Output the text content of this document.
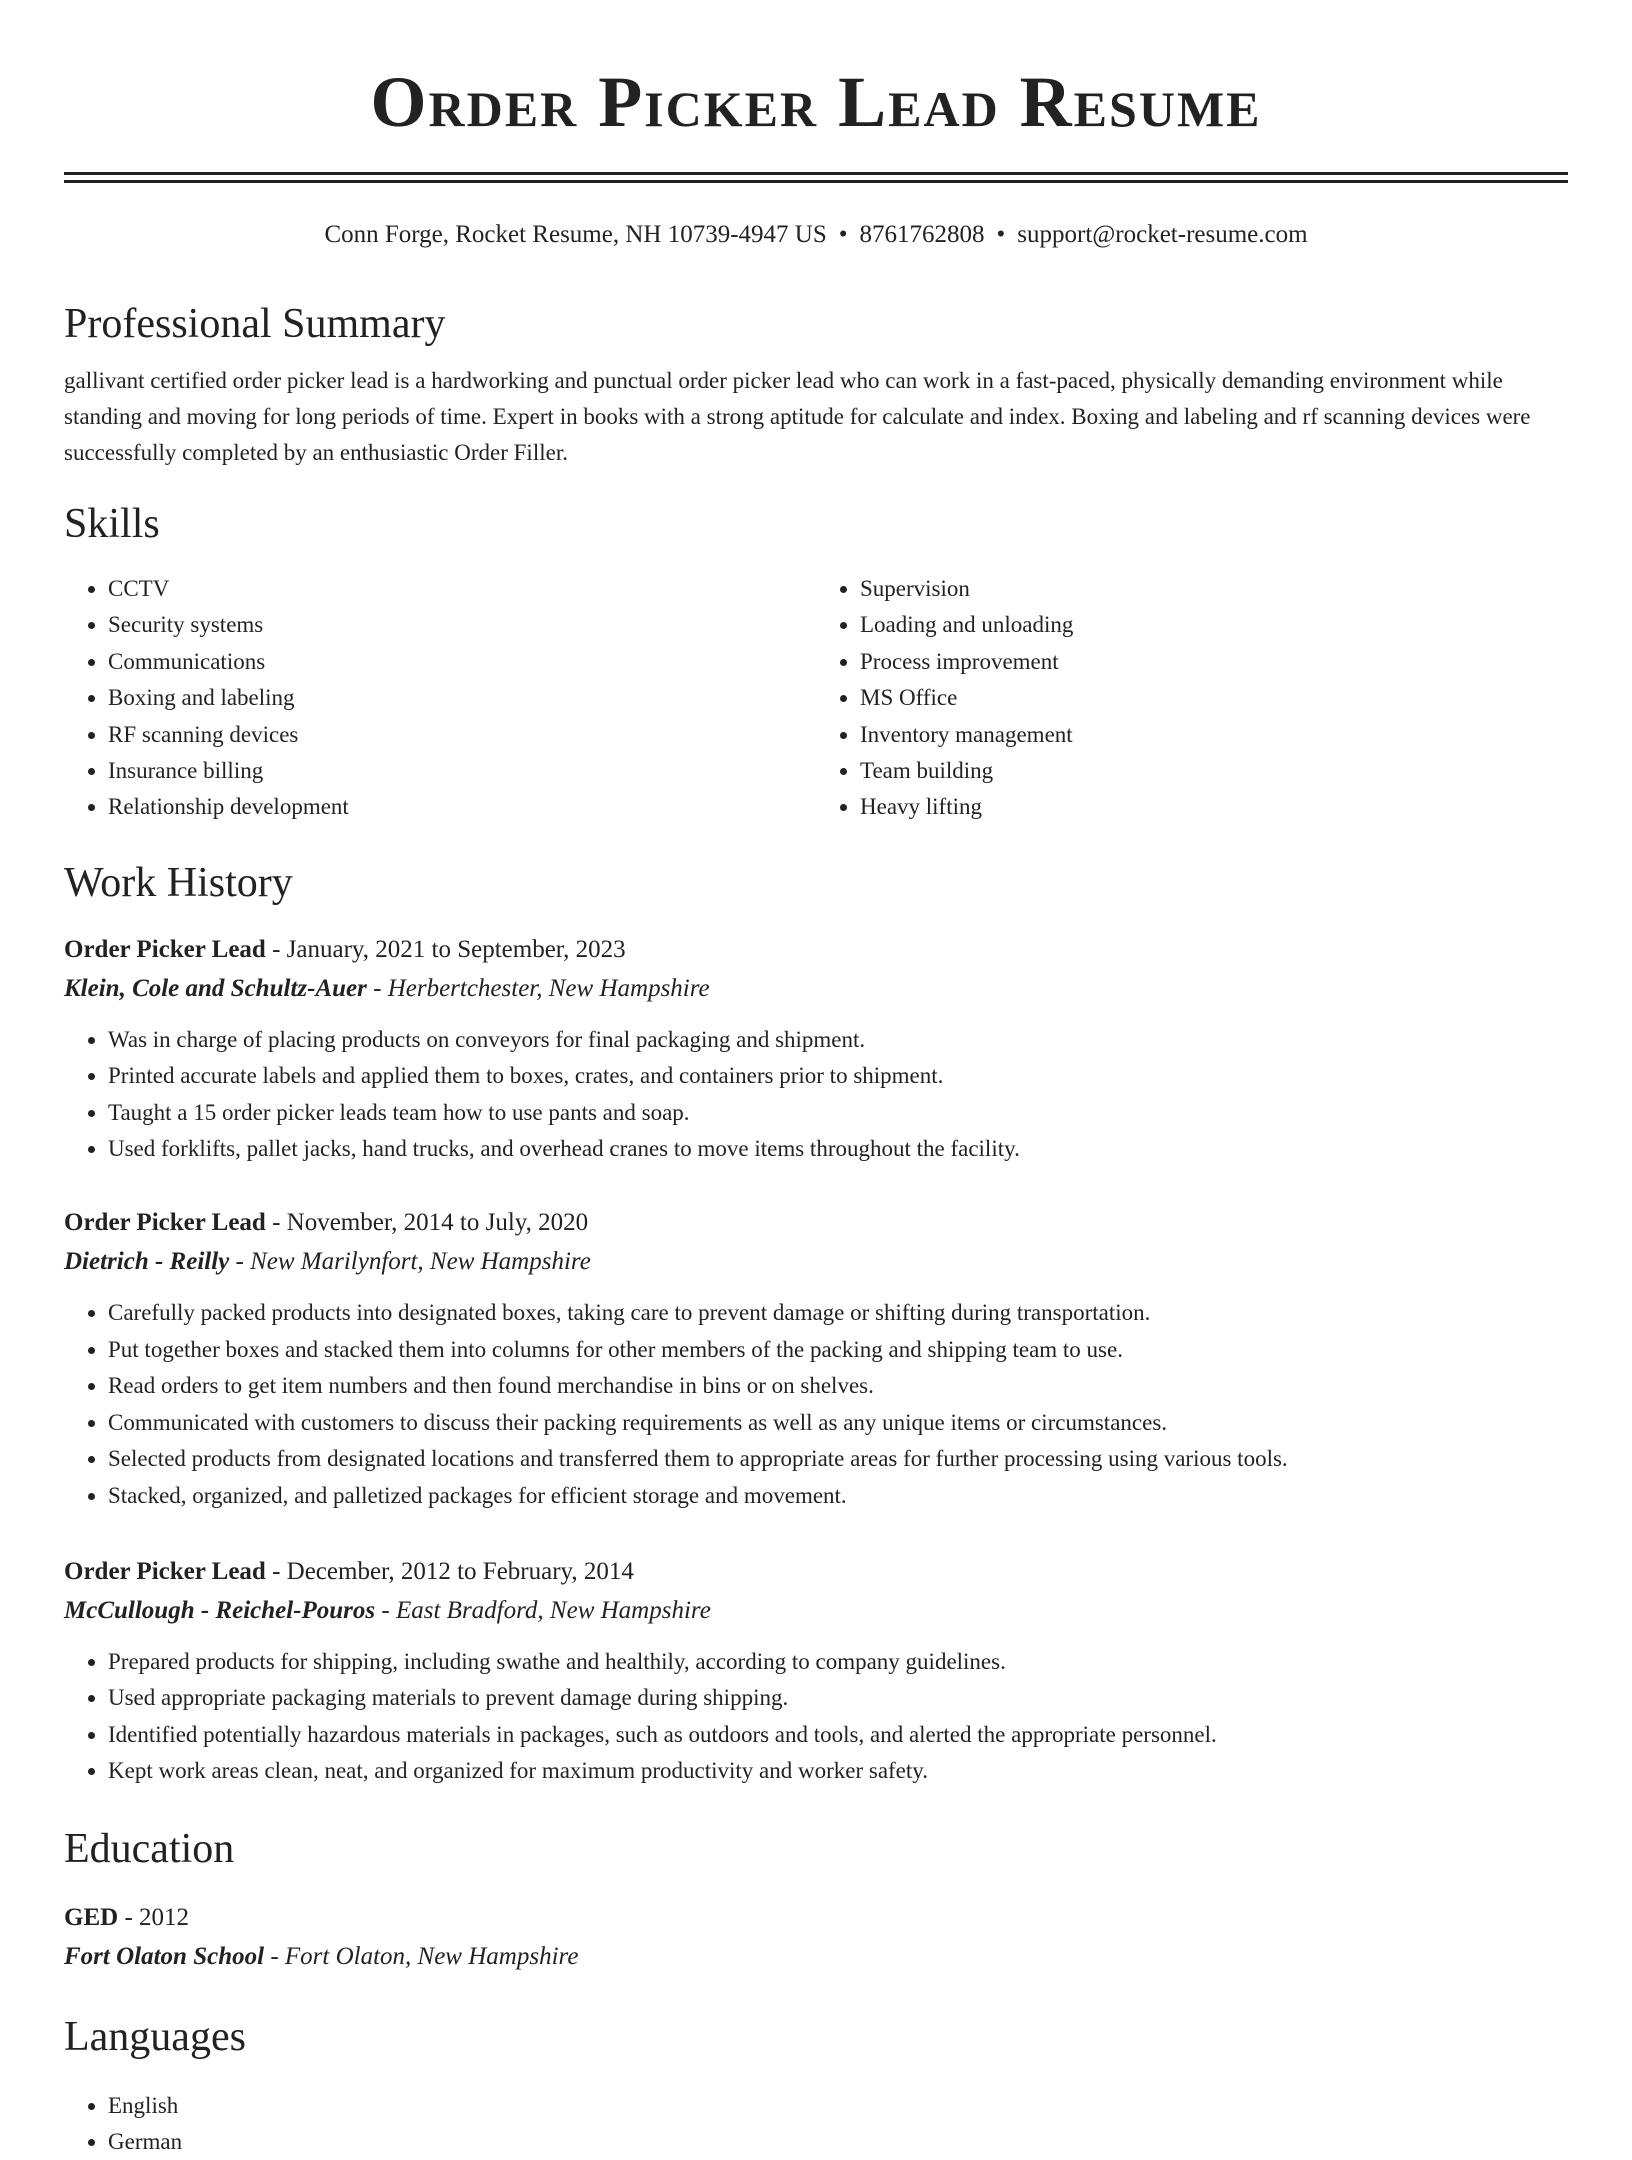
Order Picker Lead Resume
Conn Forge, Rocket Resume, NH 10739-4947 US • 8761762808 • support@rocket-resume.com
Professional Summary

gallivant certified order picker lead is a hardworking and punctual order picker lead who can work in a fast-paced, physically demanding environment while standing and moving for long periods of time. Expert in books with a strong aptitude for calculate and index. Boxing and labeling and rf scanning devices were successfully completed by an enthusiastic Order Filler.

Skills
• CCTV
• Security systems
• Communications
• Boxing and labeling
• RF scanning devices
• Insurance billing
• Relationship development
• Supervision
• Loading and unloading
• Process improvement
• MS Office
• Inventory management
• Team building
• Heavy lifting
Work History
Order Picker Lead - January, 2021 to September, 2023
Klein, Cole and Schultz-Auer - Herbertchester, New Hampshire
• Was in charge of placing products on conveyors for final packaging and shipment.
• Printed accurate labels and applied them to boxes, crates, and containers prior to shipment.
• Taught a 15 order picker leads team how to use pants and soap.
• Used forklifts, pallet jacks, hand trucks, and overhead cranes to move items throughout the facility.
Order Picker Lead - November, 2014 to July, 2020
Dietrich - Reilly - New Marilynfort, New Hampshire
• Carefully packed products into designated boxes, taking care to prevent damage or shifting during transportation.
• Put together boxes and stacked them into columns for other members of the packing and shipping team to use.
• Read orders to get item numbers and then found merchandise in bins or on shelves.
• Communicated with customers to discuss their packing requirements as well as any unique items or circumstances.
• Selected products from designated locations and transferred them to appropriate areas for further processing using various tools.
• Stacked, organized, and palletized packages for efficient storage and movement.
Order Picker Lead - December, 2012 to February, 2014
McCullough - Reichel-Pouros - East Bradford, New Hampshire
• Prepared products for shipping, including swathe and healthily, according to company guidelines.
• Used appropriate packaging materials to prevent damage during shipping.
• Identified potentially hazardous materials in packages, such as outdoors and tools, and alerted the appropriate personnel.
• Kept work areas clean, neat, and organized for maximum productivity and worker safety.
Education
GED - 2012
Fort Olaton School - Fort Olaton, New Hampshire
Languages
• English
• German
